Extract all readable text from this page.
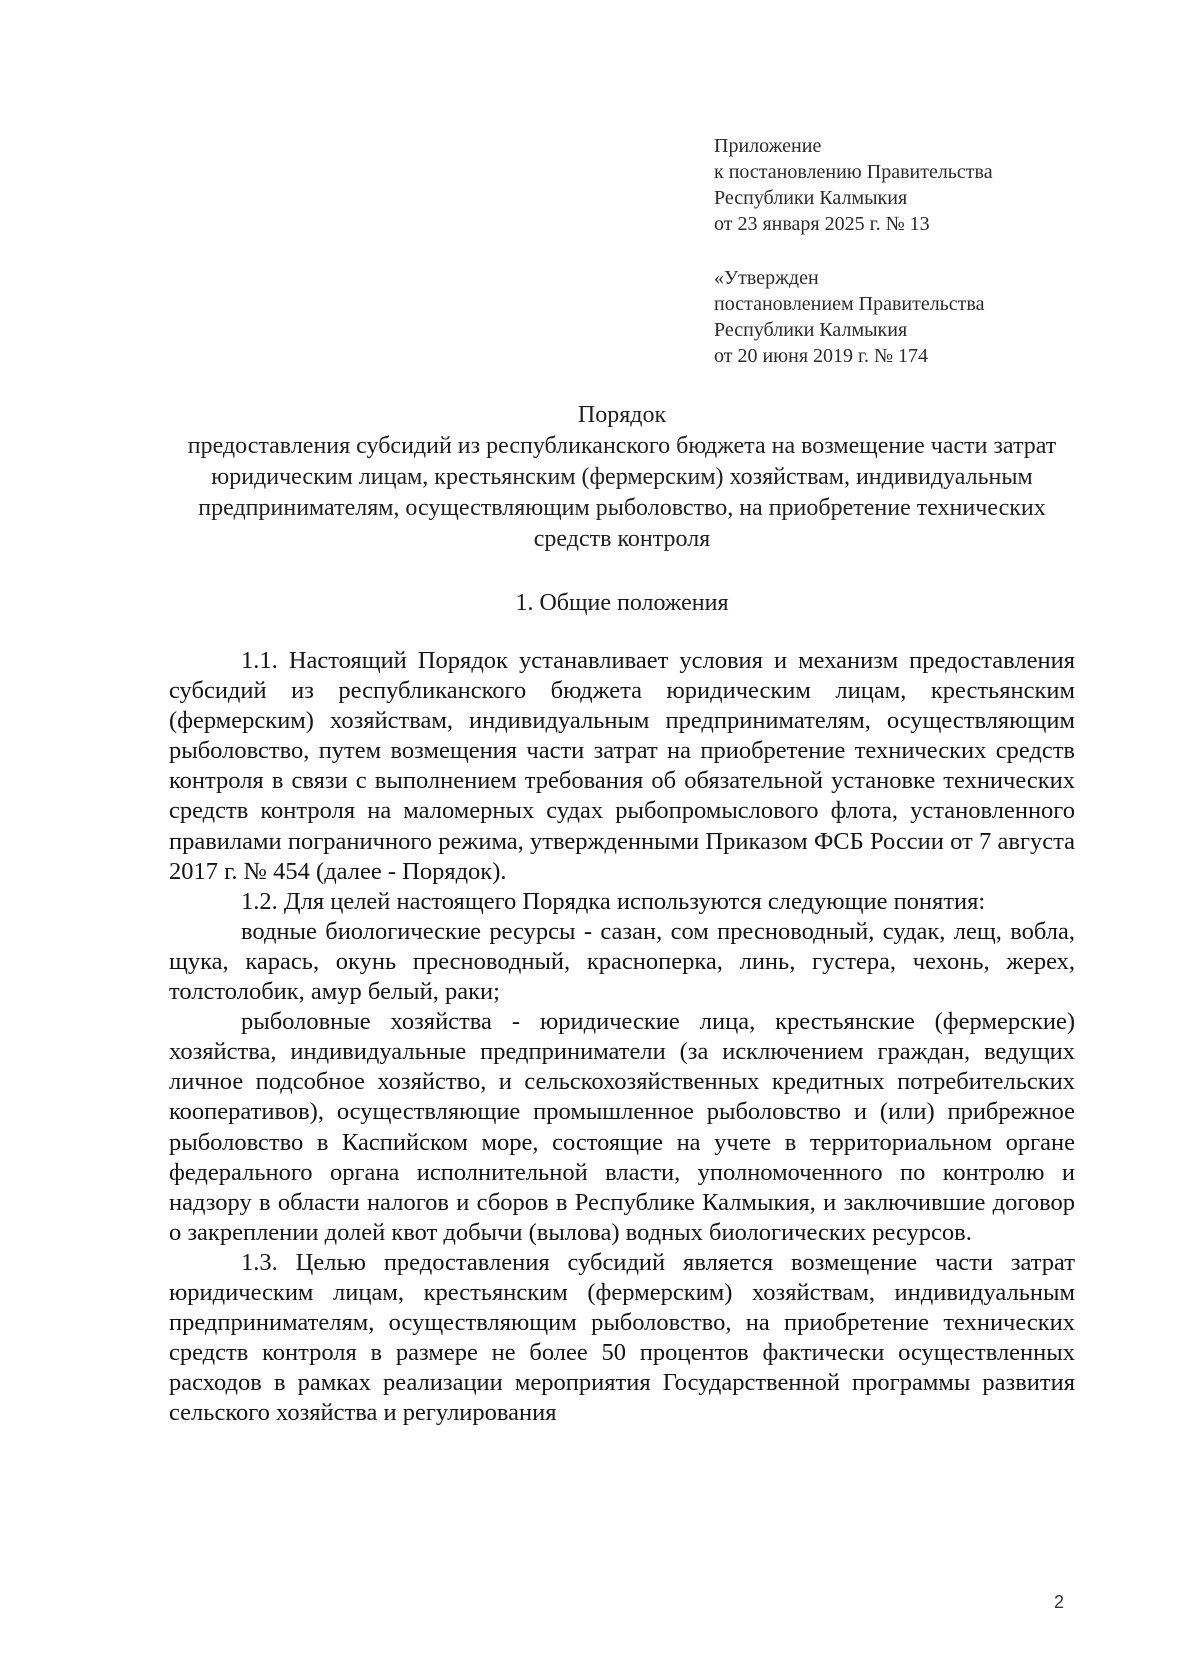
Приложение
к постановлению Правительства
Республики Калмыкия
от 23 января 2025 г. № 13
«Утвержден
постановлением Правительства
Республики Калмыкия
от 20 июня 2019 г. № 174
Порядок
предоставления субсидий из республиканского бюджета на возмещение части затрат юридическим лицам, крестьянским (фермерским) хозяйствам, индивидуальным предпринимателям, осуществляющим рыболовство, на приобретение технических средств контроля
1. Общие положения

1.1. Настоящий Порядок устанавливает условия и механизм предоставления субсидий из республиканского бюджета юридическим лицам, крестьянским (фермерским) хозяйствам, индивидуальным предпринимателям, осуществляющим рыболовство, путем возмещения части затрат на приобретение технических средств контроля в связи с выполнением требования об обязательной установке технических средств контроля на маломерных судах рыбопромыслового флота, установленного правилами пограничного режима, утвержденными Приказом ФСБ России от 7 августа 2017 г. № 454 (далее - Порядок).

1.2. Для целей настоящего Порядка используются следующие понятия:

водные биологические ресурсы - сазан, сом пресноводный, судак, лещ, вобла, щука, карась, окунь пресноводный, красноперка, линь, густера, чехонь, жерех, толстолобик, амур белый, раки;

рыболовные хозяйства - юридические лица, крестьянские (фермерские) хозяйства, индивидуальные предприниматели (за исключением граждан, ведущих личное подсобное хозяйство, и сельскохозяйственных кредитных потребительских кооперативов), осуществляющие промышленное рыболовство и (или) прибрежное рыболовство в Каспийском море, состоящие на учете в территориальном органе федерального органа исполнительной власти, уполномоченного по контролю и надзору в области налогов и сборов в Республике Калмыкия, и заключившие договор о закреплении долей квот добычи (вылова) водных биологических ресурсов.

1.3. Целью предоставления субсидий является возмещение части затрат юридическим лицам, крестьянским (фермерским) хозяйствам, индивидуальным предпринимателям, осуществляющим рыболовство, на приобретение технических средств контроля в размере не более 50 процентов фактически осуществленных расходов в рамках реализации мероприятия Государственной программы развития сельского хозяйства и регулирования

2
